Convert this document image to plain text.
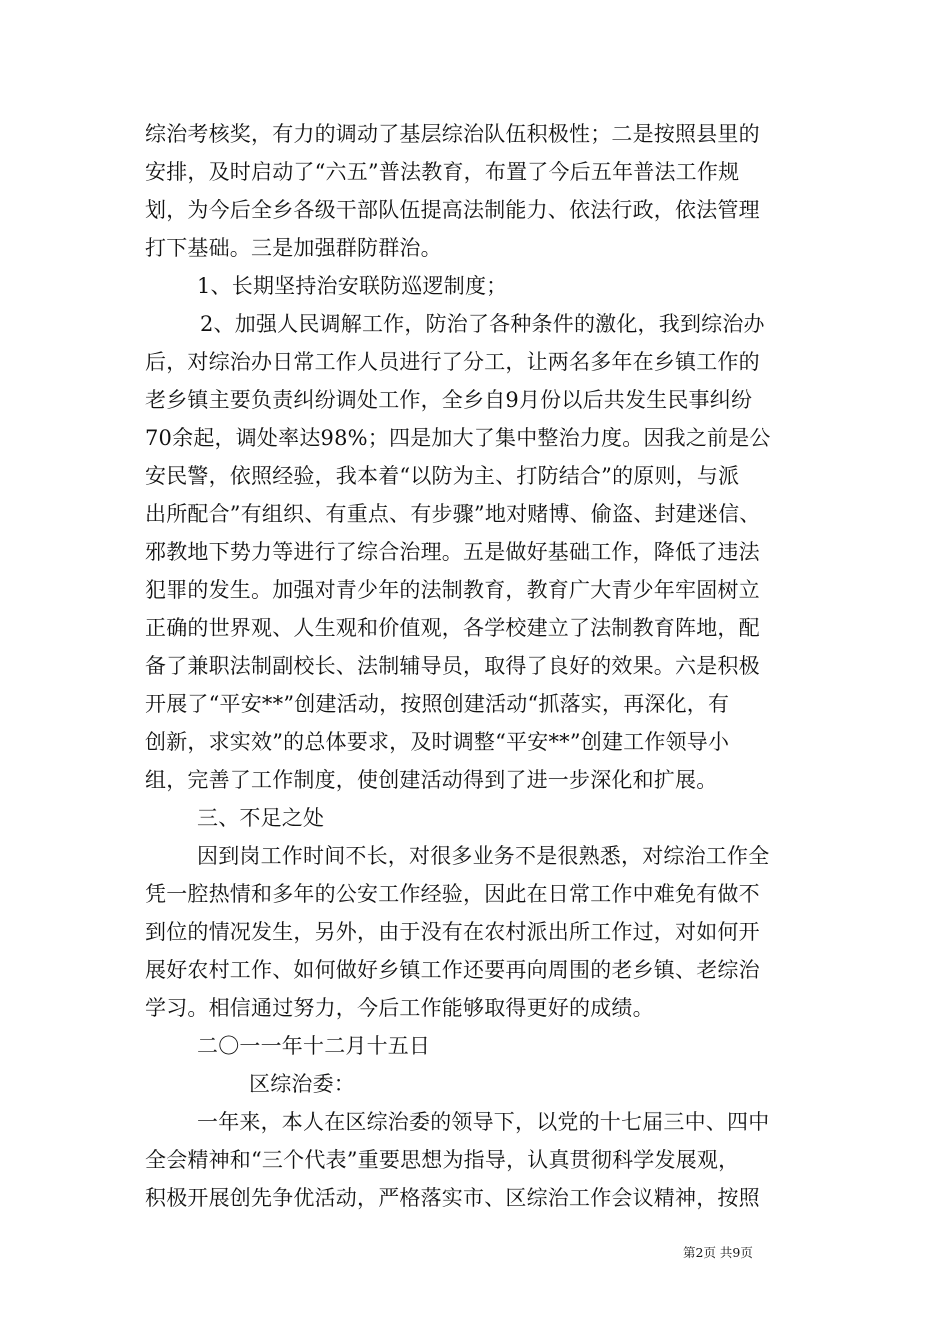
综治考核奖，有力的调动了基层综治队伍积极性；二是按照县里的
安排，及时启动了“六五”普法教育，布置了今后五年普法工作规
划，为今后全乡各级干部队伍提高法制能力、依法行政，依法管理
打下基础。三是加强群防群治。
1、长期坚持治安联防巡逻制度；
2、加强人民调解工作，防治了各种条件的激化，我到综治办
后，对综治办日常工作人员进行了分工，让两名多年在乡镇工作的
老乡镇主要负责纠纷调处工作，全乡自9月份以后共发生民事纠纷
70余起，调处率达98%；四是加大了集中整治力度。因我之前是公
安民警，依照经验，我本着“以防为主、打防结合”的原则，与派
出所配合”有组织、有重点、有步骤”地对赌博、偷盗、封建迷信、
邪教地下势力等进行了综合治理。五是做好基础工作，降低了违法
犯罪的发生。加强对青少年的法制教育，教育广大青少年牢固树立
正确的世界观、人生观和价值观，各学校建立了法制教育阵地，配
备了兼职法制副校长、法制辅导员，取得了良好的效果。六是积极
开展了“平安**”创建活动，按照创建活动“抓落实，再深化，有
创新，求实效”的总体要求，及时调整“平安**”创建工作领导小
组，完善了工作制度，使创建活动得到了进一步深化和扩展。
三、不足之处
因到岗工作时间不长，对很多业务不是很熟悉，对综治工作全
凭一腔热情和多年的公安工作经验，因此在日常工作中难免有做不
到位的情况发生，另外，由于没有在农村派出所工作过，对如何开
展好农村工作、如何做好乡镇工作还要再向周围的老乡镇、老综治
学习。相信通过努力，今后工作能够取得更好的成绩。
二〇一一年十二月十五日
区综治委：
一年来，本人在区综治委的领导下，以党的十七届三中、四中
全会精神和“三个代表”重要思想为指导，认真贯彻科学发展观，
积极开展创先争优活动，严格落实市、区综治工作会议精神，按照
第2页 共9页
